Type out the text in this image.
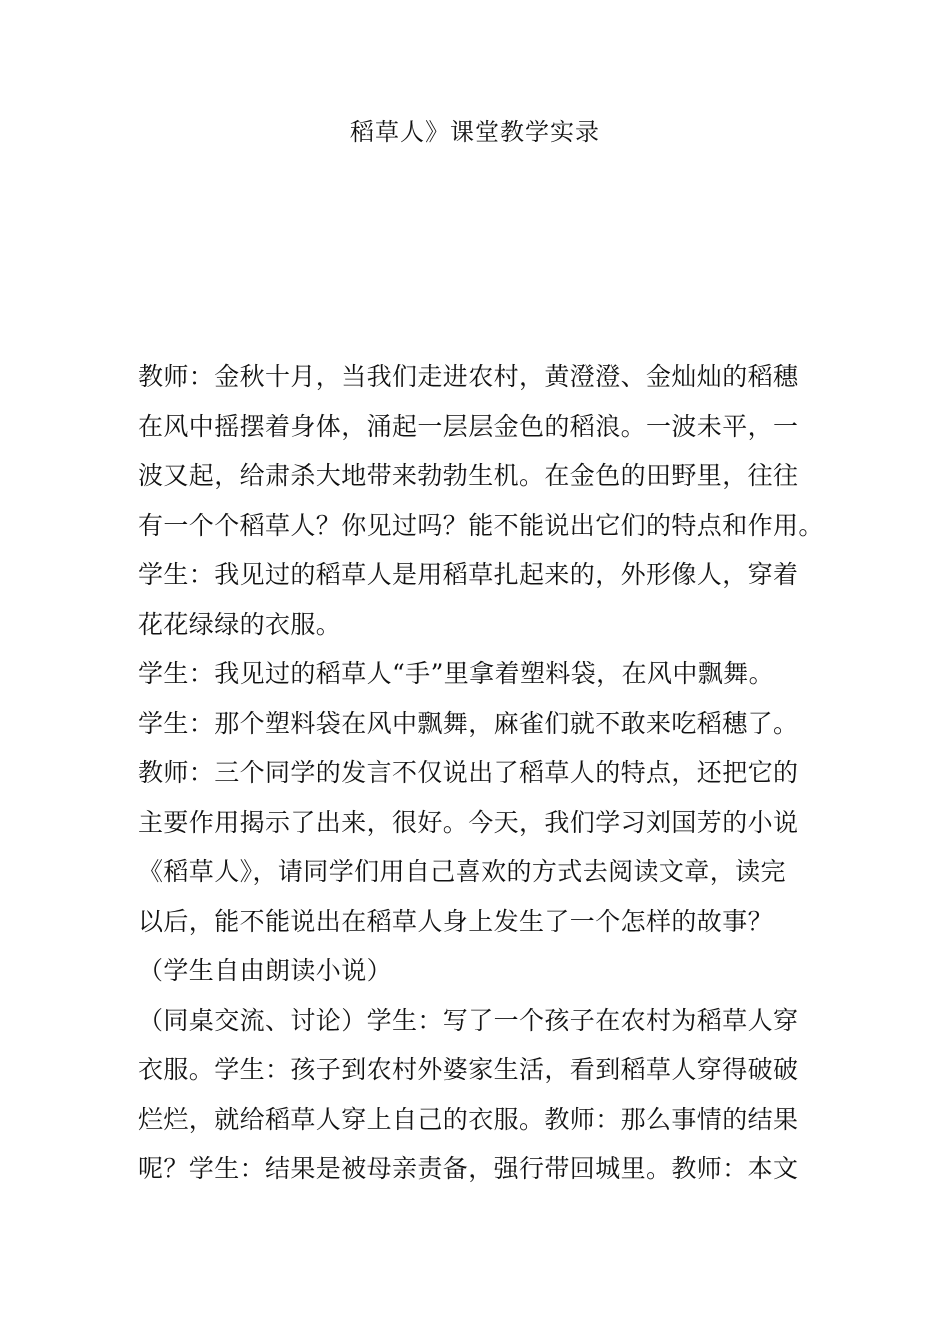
稻草人》课堂教学实录
教师：金秋十月，当我们走进农村，黄澄澄、金灿灿的稻穗
在风中摇摆着身体，涌起一层层金色的稻浪。一波未平，一
波又起，给肃杀大地带来勃勃生机。在金色的田野里，往往
有一个个稻草人？你见过吗？能不能说出它们的特点和作用。
学生：我见过的稻草人是用稻草扎起来的，外形像人，穿着
花花绿绿的衣服。
学生：我见过的稻草人“手”里拿着塑料袋，在风中飘舞。
学生：那个塑料袋在风中飘舞，麻雀们就不敢来吃稻穗了。
教师：三个同学的发言不仅说出了稻草人的特点，还把它的
主要作用揭示了出来，很好。今天，我们学习刘国芳的小说
《稻草人》，请同学们用自己喜欢的方式去阅读文章，读完
以后，能不能说出在稻草人身上发生了一个怎样的故事？
（学生自由朗读小说）
（同桌交流、讨论）学生：写了一个孩子在农村为稻草人穿
衣服。学生：孩子到农村外婆家生活，看到稻草人穿得破破
烂烂，就给稻草人穿上自己的衣服。教师：那么事情的结果
呢？学生：结果是被母亲责备，强行带回城里。教师：本文
